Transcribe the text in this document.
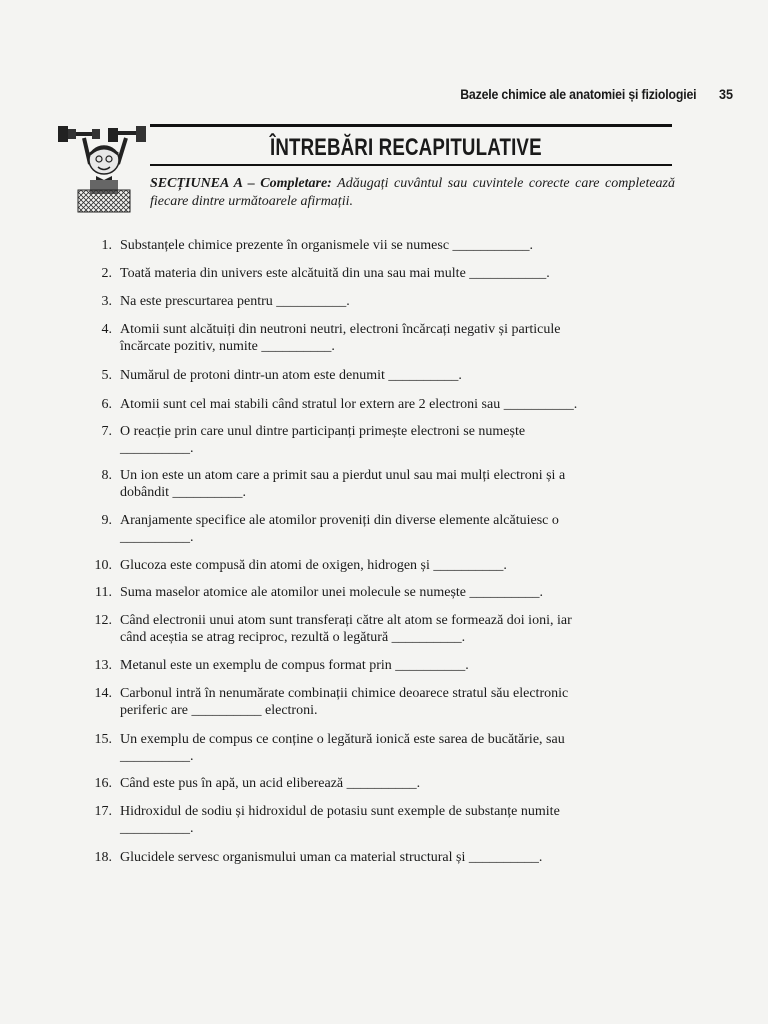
Bazele chimice ale anatomiei și fiziologiei 35
ÎNTREBĂRI RECAPITULATIVE
SECȚIUNEA A – Completare: Adăugați cuvântul sau cuvintele corecte care completează fiecare dintre următoarele afirmații.
1. Substanțele chimice prezente în organismele vii se numesc ___________.
2. Toată materia din univers este alcătuită din una sau mai multe ___________.
3. Na este prescurtarea pentru __________.
4. Atomii sunt alcătuiți din neutroni neutri, electroni încărcați negativ și particule
încărcate pozitiv, numite __________.
5. Numărul de protoni dintr-un atom este denumit __________.
6. Atomii sunt cel mai stabili când stratul lor extern are 2 electroni sau __________.
7. O reacție prin care unul dintre participanți primește electroni se numește
__________.
8. Un ion este un atom care a primit sau a pierdut unul sau mai mulți electroni și a
dobândit __________.
9. Aranjamente specifice ale atomilor proveniți din diverse elemente alcătuiesc o
__________.
10. Glucoza este compusă din atomi de oxigen, hidrogen și __________.
11. Suma maselor atomice ale atomilor unei molecule se numește __________.
12. Când electronii unui atom sunt transferați către alt atom se formează doi ioni, iar
când aceștia se atrag reciproc, rezultă o legătură __________.
13. Metanul este un exemplu de compus format prin __________.
14. Carbonul intră în nenumărate combinații chimice deoarece stratul său electronic
periferic are __________ electroni.
15. Un exemplu de compus ce conține o legătură ionică este sarea de bucătărie, sau
__________.
16. Când este pus în apă, un acid eliberează __________.
17. Hidroxidul de sodiu și hidroxidul de potasiu sunt exemple de substanțe numite
__________.
18. Glucidele servesc organismului uman ca material structural și __________.
